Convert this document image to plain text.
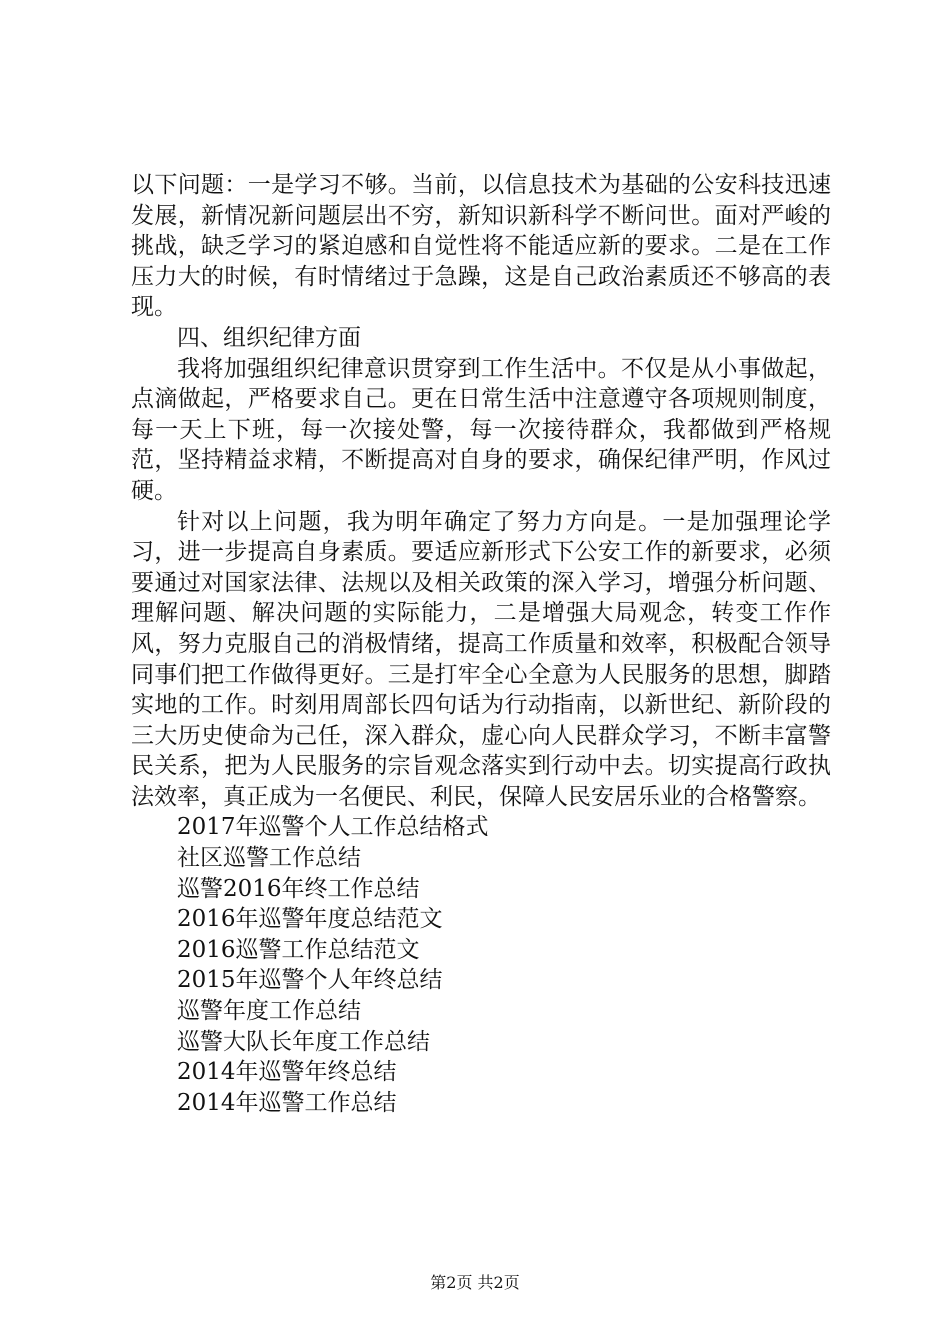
以下问题：一是学习不够。当前，以信息技术为基础的公安科技迅速发展，新情况新问题层出不穷，新知识新科学不断问世。面对严峻的挑战，缺乏学习的紧迫感和自觉性将不能适应新的要求。二是在工作压力大的时候，有时情绪过于急躁，这是自己政治素质还不够高的表现。

四、组织纪律方面

我将加强组织纪律意识贯穿到工作生活中。不仅是从小事做起，点滴做起，严格要求自己。更在日常生活中注意遵守各项规则制度，每一天上下班，每一次接处警，每一次接待群众，我都做到严格规范，坚持精益求精，不断提高对自身的要求，确保纪律严明，作风过硬。

针对以上问题，我为明年确定了努力方向是。一是加强理论学习，进一步提高自身素质。要适应新形式下公安工作的新要求，必须要通过对国家法律、法规以及相关政策的深入学习，增强分析问题、理解问题、解决问题的实际能力，二是增强大局观念，转变工作作风，努力克服自己的消极情绪，提高工作质量和效率，积极配合领导同事们把工作做得更好。三是打牢全心全意为人民服务的思想，脚踏实地的工作。时刻用周部长四句话为行动指南，以新世纪、新阶段的三大历史使命为己任，深入群众，虚心向人民群众学习，不断丰富警民关系，把为人民服务的宗旨观念落实到行动中去。切实提高行政执法效率，真正成为一名便民、利民，保障人民安居乐业的合格警察。

2017年巡警个人工作总结格式
社区巡警工作总结
巡警2016年终工作总结
2016年巡警年度总结范文
2016巡警工作总结范文
2015年巡警个人年终总结
巡警年度工作总结
巡警大队长年度工作总结
2014年巡警年终总结
2014年巡警工作总结
第2页 共2页
